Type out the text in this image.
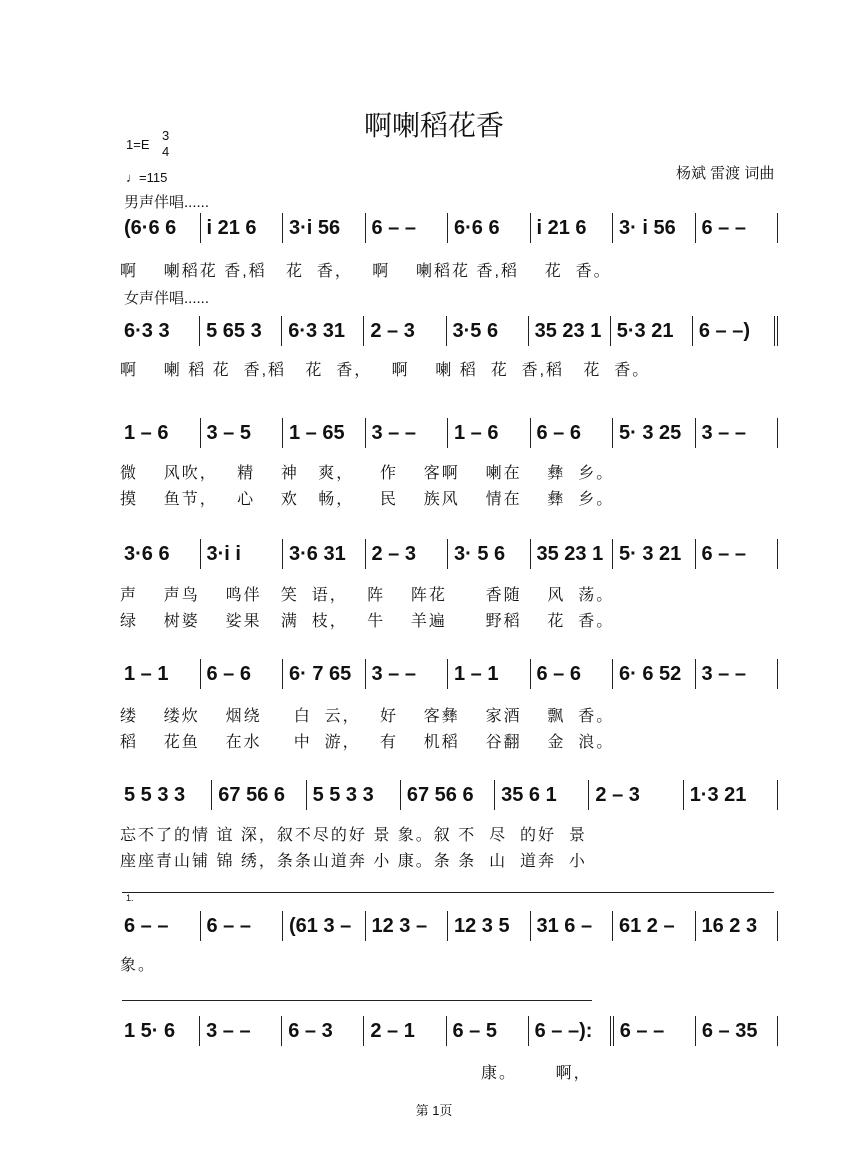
啊喇稻花香
1=E
3
4
♩=115	杨斌 雷渡 词曲
男声伴唱......
女声伴唱......
第 1页
(6·6 6	i 21 6	3·i 56	6 – –	6·6 6	i 21 6	3· i 56	6 – –
啊    喇稻花 香,稻   花  香，   啊    喇稻花 香,稻    花  香。
6·3 3	5 65 3	6·3 31	2 – 3	3·5 6	35 23 1 5·3 21	6 – –)
啊    喇 稻 花  香,稻   花  香，   啊    喇 稻  花  香,稻   花  香。
1 – 6	3 – 5	1 – 65	3 – –	1 – 6	6 – 6	5· 3 25	3 – –
微    风吹，   精    神   爽，    作    客啊    喇在    彝  乡。
摸    鱼节，   心    欢   畅，    民    族风    情在    彝  乡。
3·6 6	3·i i	3·6 31	2 – 3	3· 5 6	35 23 1 5· 3 21	6 – –
声    声鸟    鸣伴   笑  语，   阵    阵花      香随    风  荡。
绿    树婆    娑果   满  枝，   牛    羊遍      野稻    花  香。
1 – 1	6 – 6	6· 7 65	3 – –	1 – 1	6 – 6	6· 6 52	3 – –
缕    缕炊    烟绕     白  云，   好    客彝    家酒    飘  香。
稻    花鱼    在水     中  游，   有    机稻    谷翻    金  浪。
5 5 3 3	67 56 6	5 5 3 3	67 56 6	35 6 1	2 – 3	1·3 21
忘不了的情 谊 深，叙不尽的好 景 象。叙 不  尽  的好  景
座座青山铺 锦 绣，条条山道奔 小 康。条 条  山  道奔  小
1.
6 – –	6 – –	(61 3 –	12 3 –	12 3 5	31 6 –	61 2 –	16 2 3
象。
1 5· 6	3 – –	6 – 3	2 – 1	6 – 5	6 – –):	6 – –	6 – 35
康。      啊，
